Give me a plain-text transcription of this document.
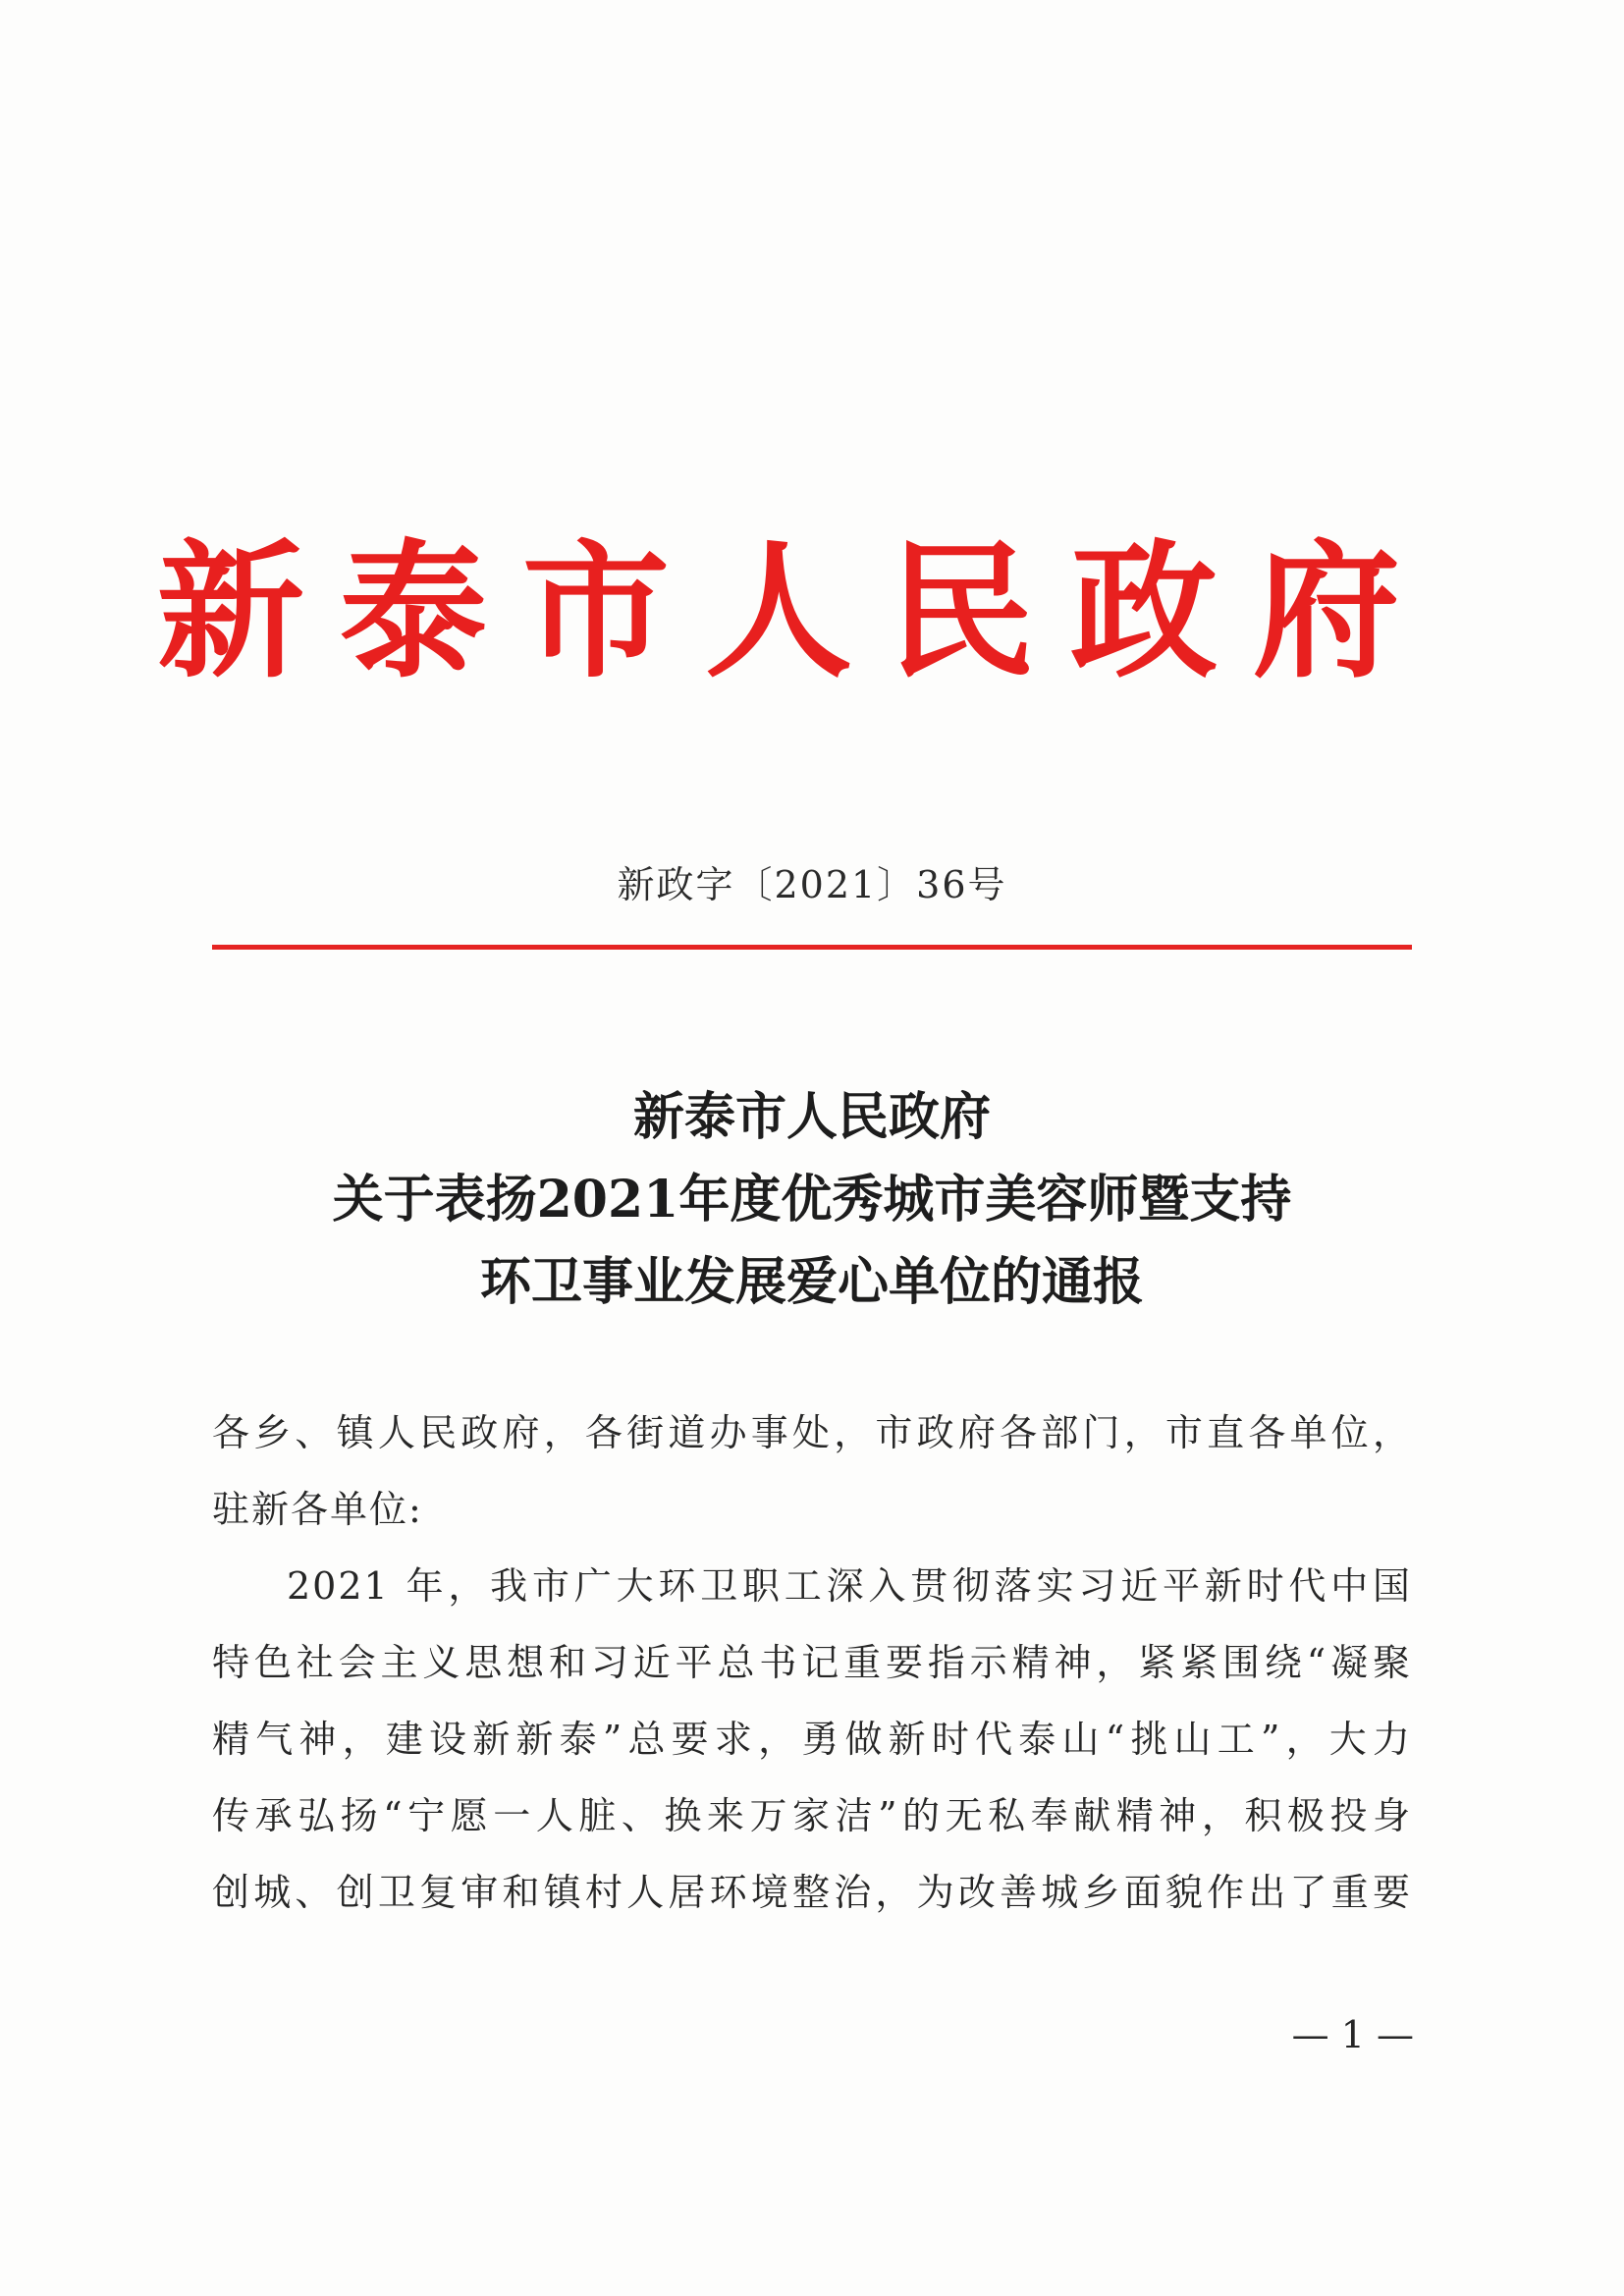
新泰市人民政府
新政字〔2021〕36号
新泰市人民政府
关于表扬2021年度优秀城市美容师暨支持
环卫事业发展爱心单位的通报
各乡、镇人民政府，各街道办事处，市政府各部门，市直各单位，
驻新各单位:
2021 年，我市广大环卫职工深入贯彻落实习近平新时代中国
特色社会主义思想和习近平总书记重要指示精神，紧紧围绕“凝聚
精气神，建设新新泰”总要求，勇做新时代泰山“挑山工”，大力
传承弘扬“宁愿一人脏、换来万家洁”的无私奉献精神，积极投身
创城、创卫复审和镇村人居环境整治，为改善城乡面貌作出了重要
— 1 —
